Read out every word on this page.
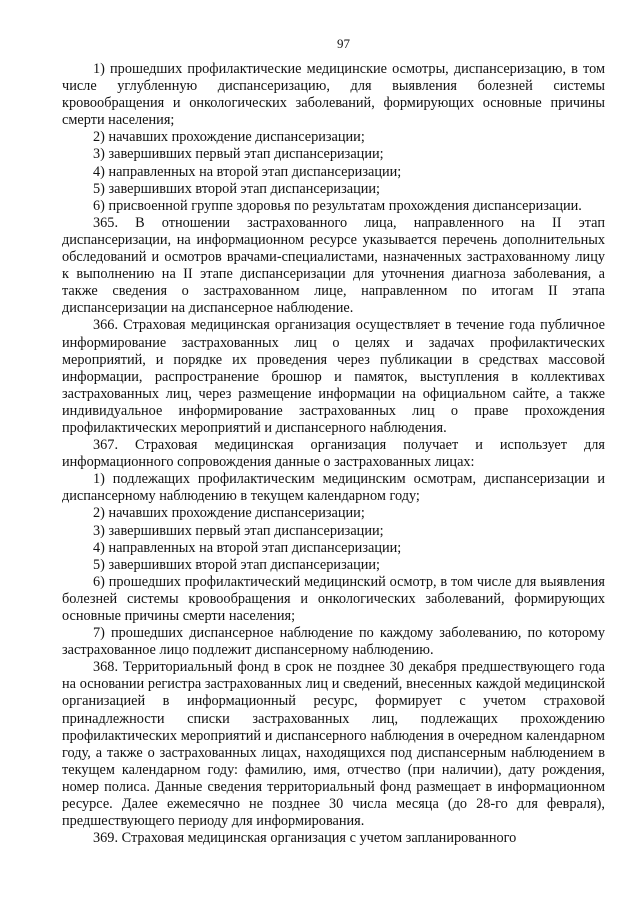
97

1) прошедших профилактические медицинские осмотры, диспансеризацию, в том числе углубленную диспансеризацию, для выявления болезней системы кровообращения и онкологических заболеваний, формирующих основные причины смерти населения;

2) начавших прохождение диспансеризации;

3) завершивших первый этап диспансеризации;

4) направленных на второй этап диспансеризации;

5) завершивших второй этап диспансеризации;

6) присвоенной группе здоровья по результатам прохождения диспансеризации.

365. В отношении застрахованного лица, направленного на II этап диспансеризации, на информационном ресурсе указывается перечень дополнительных обследований и осмотров врачами-специалистами, назначенных застрахованному лицу к выполнению на II этапе диспансеризации для уточнения диагноза заболевания, а также сведения о застрахованном лице, направленном по итогам II этапа диспансеризации на диспансерное наблюдение.

366. Страховая медицинская организация осуществляет в течение года публичное информирование застрахованных лиц о целях и задачах профилактических мероприятий, и порядке их проведения через публикации в средствах массовой информации, распространение брошюр и памяток, выступления в коллективах застрахованных лиц, через размещение информации на официальном сайте, а также индивидуальное информирование застрахованных лиц о праве прохождения профилактических мероприятий и диспансерного наблюдения.

367. Страховая медицинская организация получает и использует для информационного сопровождения данные о застрахованных лицах:

1) подлежащих профилактическим медицинским осмотрам, диспансеризации и диспансерному наблюдению в текущем календарном году;

2) начавших прохождение диспансеризации;

3) завершивших первый этап диспансеризации;

4) направленных на второй этап диспансеризации;

5) завершивших второй этап диспансеризации;

6) прошедших профилактический медицинский осмотр, в том числе для выявления болезней системы кровообращения и онкологических заболеваний, формирующих основные причины смерти населения;

7) прошедших диспансерное наблюдение по каждому заболеванию, по которому застрахованное лицо подлежит диспансерному наблюдению.

368. Территориальный фонд в срок не позднее 30 декабря предшествующего года на основании регистра застрахованных лиц и сведений, внесенных каждой медицинской организацией в информационный ресурс, формирует с учетом страховой принадлежности списки застрахованных лиц, подлежащих прохождению профилактических мероприятий и диспансерного наблюдения в очередном календарном году, а также о застрахованных лицах, находящихся под диспансерным наблюдением в текущем календарном году: фамилию, имя, отчество (при наличии), дату рождения, номер полиса. Данные сведения территориальный фонд размещает в информационном ресурсе. Далее ежемесячно не позднее 30 числа месяца (до 28-го для февраля), предшествующего периоду для информирования.

369. Страховая медицинская организация с учетом запланированного
